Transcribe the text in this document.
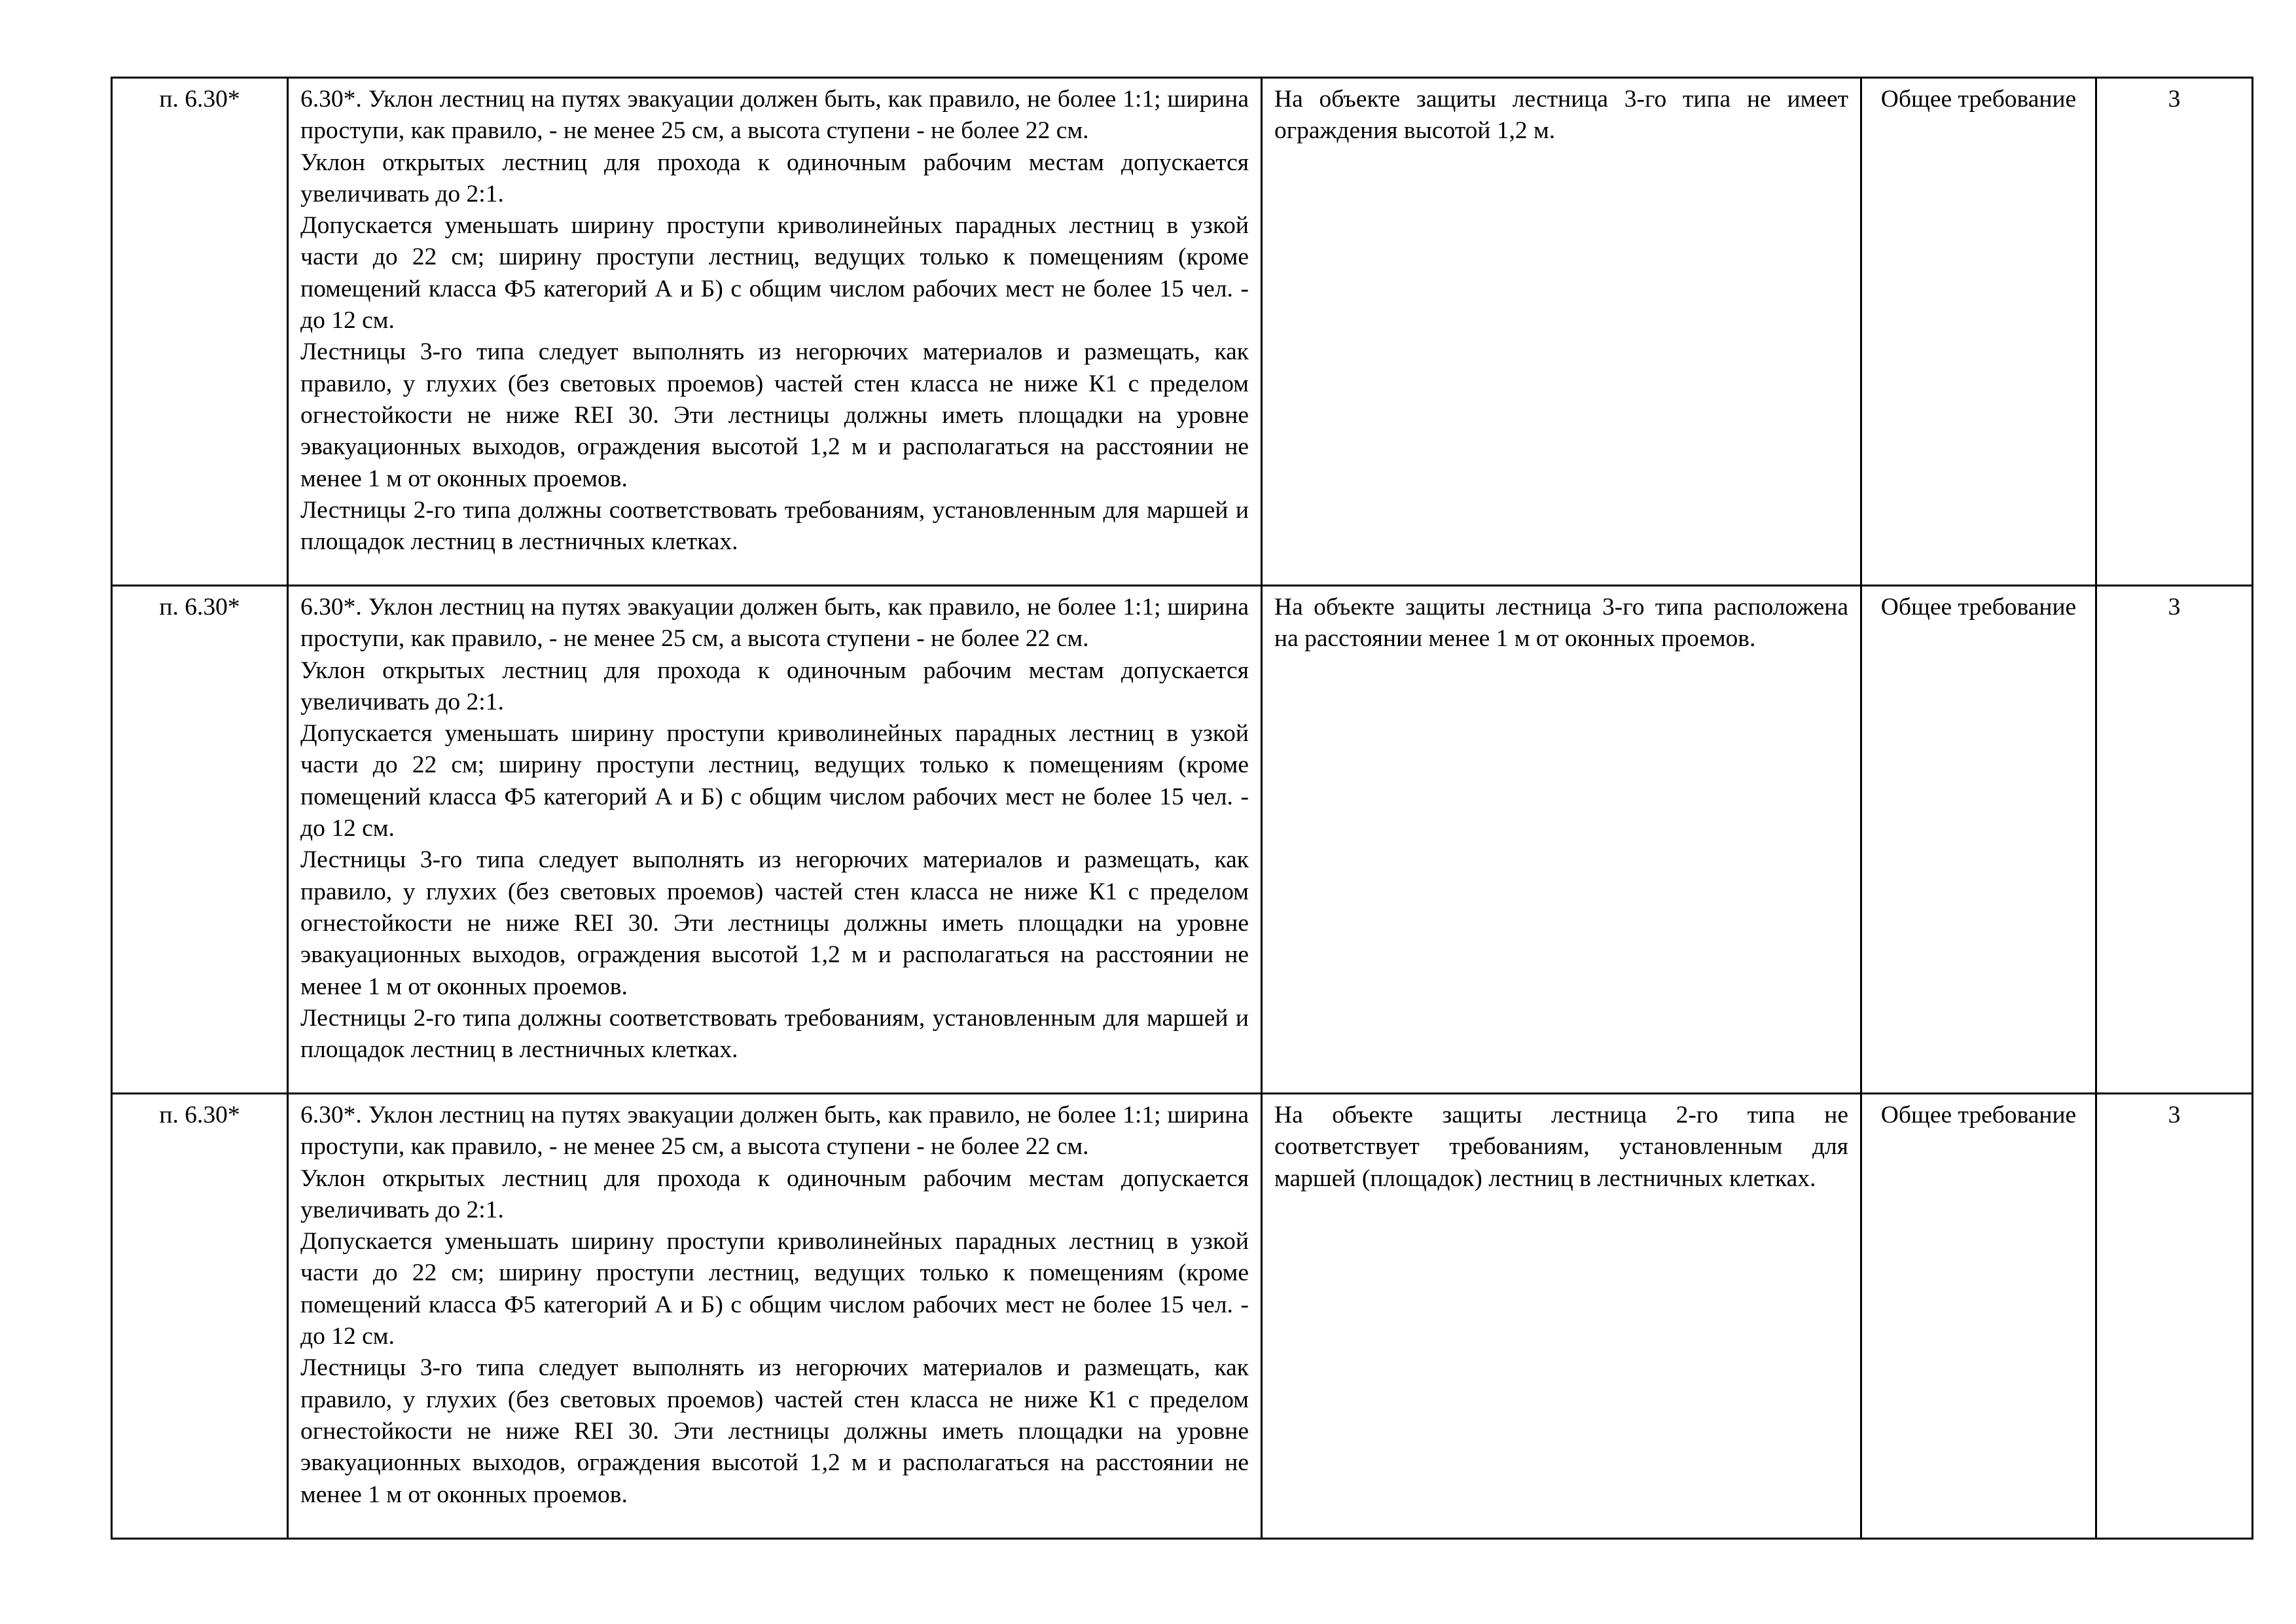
п. 6.30*	6.30*. Уклон лестниц на путях эвакуации должен быть, как правило, не более 1:1; ширина проступи, как правило, - не менее 25 см, а высота ступени - не более 22 см.

Уклон открытых лестниц для прохода к одиночным рабочим местам допускается увеличивать до 2:1.

Допускается уменьшать ширину проступи криволинейных парадных лестниц в узкой части до 22 см; ширину проступи лестниц, ведущих только к помещениям (кроме помещений класса Ф5 категорий А и Б) с общим числом рабочих мест не более 15 чел. - до 12 см.

Лестницы 3-го типа следует выполнять из негорючих материалов и размещать, как правило, у глухих (без световых проемов) частей стен класса не ниже К1 с пределом огнестойкости не ниже REI 30. Эти лестницы должны иметь площадки на уровне эвакуационных выходов, ограждения высотой 1,2 м и располагаться на расстоянии не менее 1 м от оконных проемов.

Лестницы 2-го типа должны соответствовать требованиям, установленным для маршей и площадок лестниц в лестничных клетках.	На объекте защиты лестница 3-го типа не имеет ограждения высотой 1,2 м.	Общее требование	3
п. 6.30*	6.30*. Уклон лестниц на путях эвакуации должен быть, как правило, не более 1:1; ширина проступи, как правило, - не менее 25 см, а высота ступени - не более 22 см.

Уклон открытых лестниц для прохода к одиночным рабочим местам допускается увеличивать до 2:1.

Допускается уменьшать ширину проступи криволинейных парадных лестниц в узкой части до 22 см; ширину проступи лестниц, ведущих только к помещениям (кроме помещений класса Ф5 категорий А и Б) с общим числом рабочих мест не более 15 чел. - до 12 см.

Лестницы 3-го типа следует выполнять из негорючих материалов и размещать, как правило, у глухих (без световых проемов) частей стен класса не ниже К1 с пределом огнестойкости не ниже REI 30. Эти лестницы должны иметь площадки на уровне эвакуационных выходов, ограждения высотой 1,2 м и располагаться на расстоянии не менее 1 м от оконных проемов.

Лестницы 2-го типа должны соответствовать требованиям, установленным для маршей и площадок лестниц в лестничных клетках.	На объекте защиты лестница 3-го типа расположена на расстоянии менее 1 м от оконных проемов.	Общее требование	3
п. 6.30*	6.30*. Уклон лестниц на путях эвакуации должен быть, как правило, не более 1:1; ширина проступи, как правило, - не менее 25 см, а высота ступени - не более 22 см.

Уклон открытых лестниц для прохода к одиночным рабочим местам допускается увеличивать до 2:1.

Допускается уменьшать ширину проступи криволинейных парадных лестниц в узкой части до 22 см; ширину проступи лестниц, ведущих только к помещениям (кроме помещений класса Ф5 категорий А и Б) с общим числом рабочих мест не более 15 чел. - до 12 см.

Лестницы 3-го типа следует выполнять из негорючих материалов и размещать, как правило, у глухих (без световых проемов) частей стен класса не ниже К1 с пределом огнестойкости не ниже REI 30. Эти лестницы должны иметь площадки на уровне эвакуационных выходов, ограждения высотой 1,2 м и располагаться на расстоянии не менее 1 м от оконных проемов.	На объекте защиты лестница 2-го типа не соответствует требованиям, установленным для маршей (площадок) лестниц в лестничных клетках.	Общее требование	3
